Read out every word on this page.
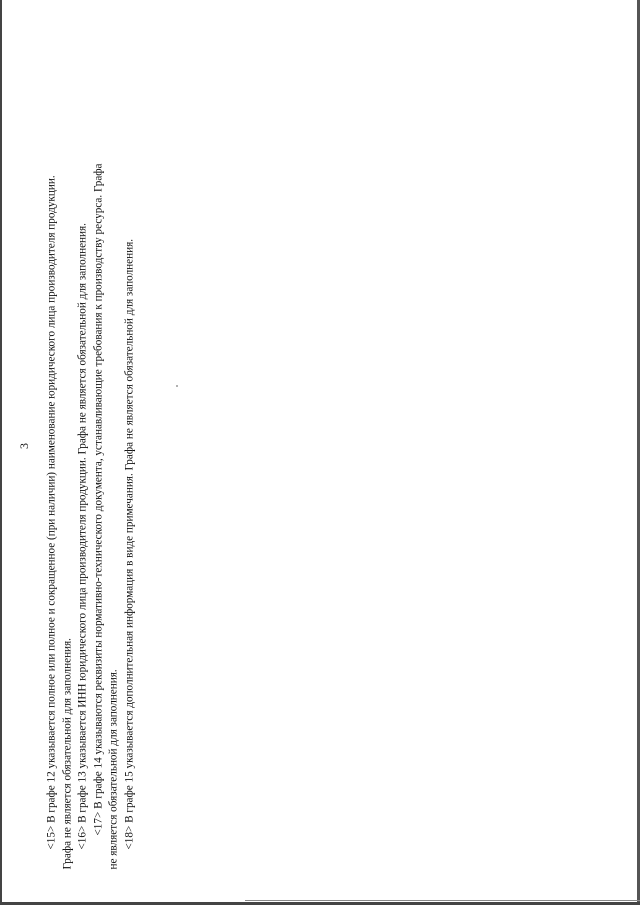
3 <15> В графе 12 указывается полное или полное и сокращенное (при наличии) наименование юридического лица производителя продукции. Графа не является обязательной для заполнения. <16> В графе 13 указывается ИНН юридического лица производителя продукции. Графа не является обязательной для заполнения. <17> В графе 14 указываются реквизиты нормативно-технического документа, устанавливающие требования к производству ресурса. Графа не является обязательной для заполнения. <18> В графе 15 указывается дополнительная информация в виде примечания. Графа не является обязательной для заполнения.
